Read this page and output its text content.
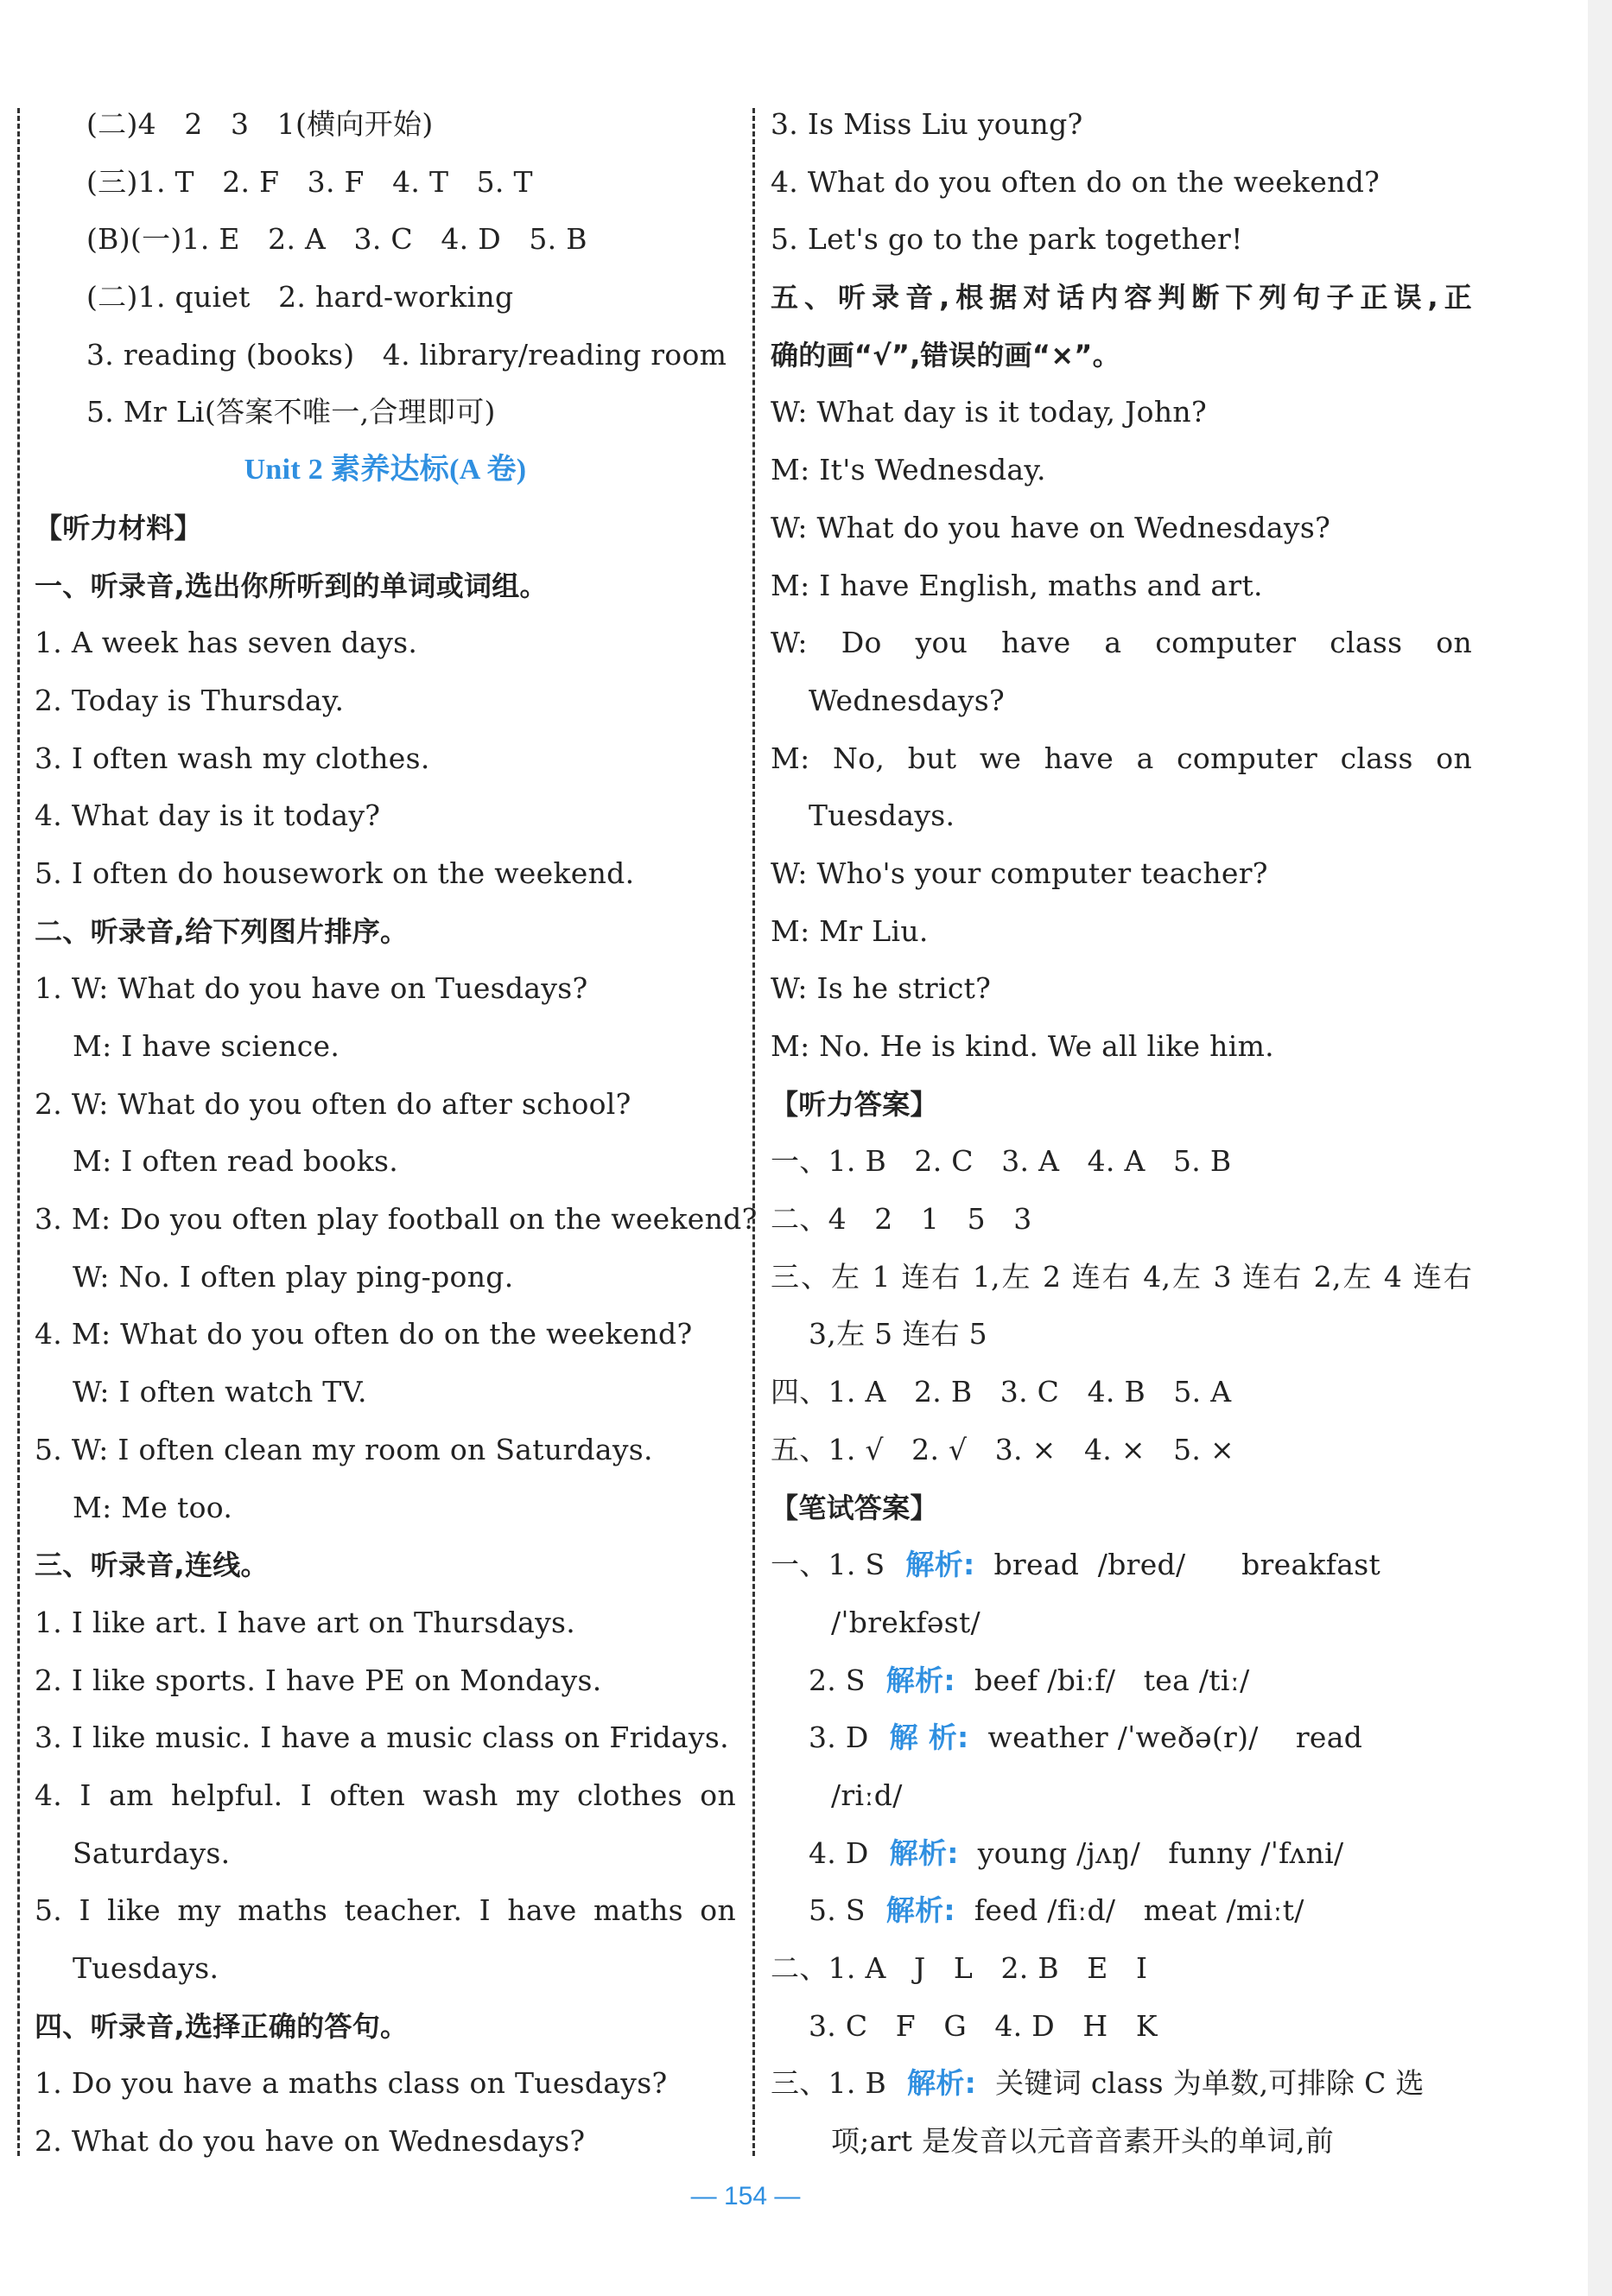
(二)4   2   3   1(横向开始)
(三)1. T   2. F   3. F   4. T   5. T
(B)(一)1. E   2. A   3. C   4. D   5. B
(二)1. quiet   2. hard-working
3. reading (books)   4. library/reading room
5. Mr Li(答案不唯一,合理即可)
Unit 2 素养达标(A 卷)
【听力材料】
一、听录音,选出你所听到的单词或词组。
1. A week has seven days.
2. Today is Thursday.
3. I often wash my clothes.
4. What day is it today?
5. I often do housework on the weekend.
二、听录音,给下列图片排序。
1. W: What do you have on Tuesdays?
M: I have science.
2. W: What do you often do after school?
M: I often read books.
3. M: Do you often play football on the weekend?
W: No. I often play ping-pong.
4. M: What do you often do on the weekend?
W: I often watch TV.
5. W: I often clean my room on Saturdays.
M: Me too.
三、听录音,连线。
1. I like art. I have art on Thursdays.
2. I like sports. I have PE on Mondays.
3. I like music. I have a music class on Fridays.
4. I am helpful. I often wash my clothes on
Saturdays.
5. I like my maths teacher. I have maths on
Tuesdays.
四、听录音,选择正确的答句。
1. Do you have a maths class on Tuesdays?
2. What do you have on Wednesdays?
3. Is Miss Liu young?
4. What do you often do on the weekend?
5. Let's go to the park together!
五、听录音,根据对话内容判断下列句子正误,正
确的画“√”,错误的画“×”。
W: What day is it today, John?
M: It's Wednesday.
W: What do you have on Wednesdays?
M: I have English, maths and art.
W: Do you have a computer class on
Wednesdays?
M: No, but we have a computer class on
Tuesdays.
W: Who's your computer teacher?
M: Mr Liu.
W: Is he strict?
M: No. He is kind. We all like him.
【听力答案】
一、1. B   2. C   3. A   4. A   5. B
二、4   2   1   5   3
三、左 1 连右 1,左 2 连右 4,左 3 连右 2,左 4 连右
3,左 5 连右 5
四、1. A   2. B   3. C   4. B   5. A
五、1. √   2. √   3. ×   4. ×   5. ×
【笔试答案】
一、1. S 解析: bread  /bred/      breakfast
/ˈbrekfəst/
2. S 解析: beef /biːf/   tea /tiː/
3. D 解 析: weather /ˈweðə(r)/    read
/riːd/
4. D 解析: young /jʌŋ/   funny /ˈfʌni/
5. S 解析: feed /fiːd/   meat /miːt/
二、1. A   J   L   2. B   E   I
3. C   F   G   4. D   H   K
三、1. B 解析: 关键词 class 为单数,可排除 C 选
项;art 是发音以元音音素开头的单词,前
— 154 —
